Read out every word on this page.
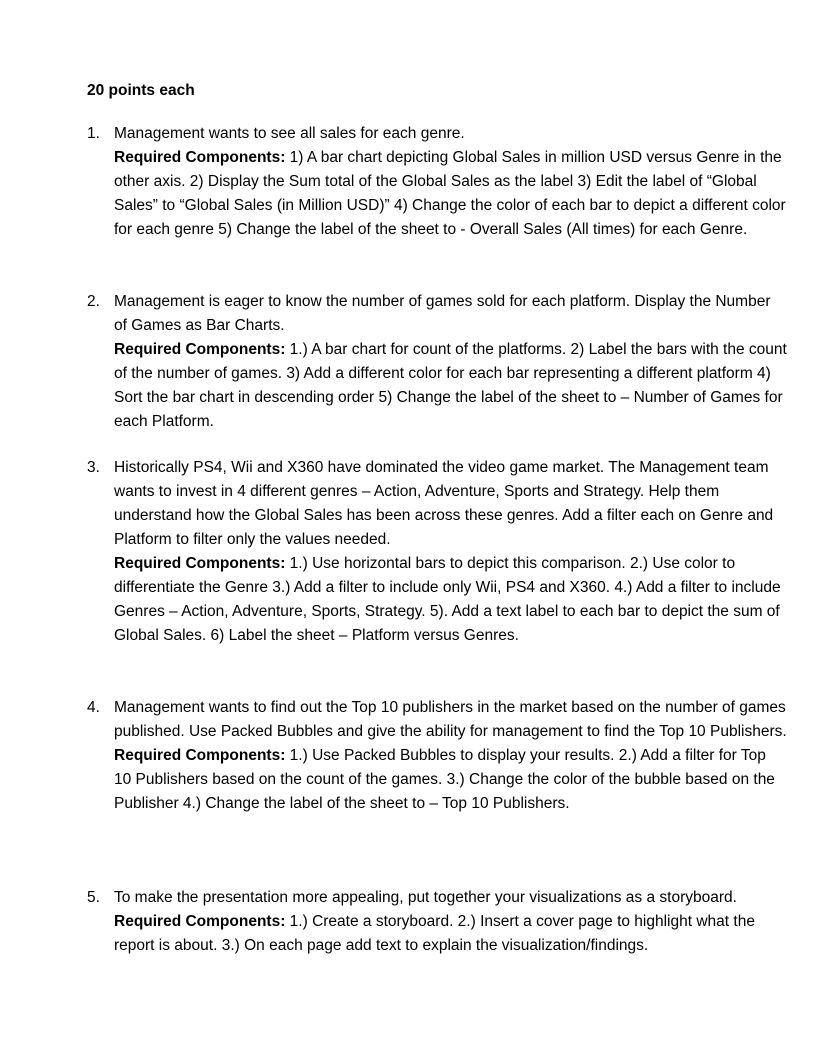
20 points each
1. Management wants to see all sales for each genre.
Required Components: 1) A bar chart depicting Global Sales in million USD versus Genre in the other axis. 2) Display the Sum total of the Global Sales as the label 3) Edit the label of “Global Sales” to “Global Sales (in Million USD)” 4) Change the color of each bar to depict a different color for each genre 5) Change the label of the sheet to - Overall Sales (All times) for each Genre.
2. Management is eager to know the number of games sold for each platform. Display the Number of Games as Bar Charts.
Required Components: 1.) A bar chart for count of the platforms. 2) Label the bars with the count of the number of games. 3) Add a different color for each bar representing a different platform 4) Sort the bar chart in descending order 5) Change the label of the sheet to – Number of Games for each Platform.
3. Historically PS4, Wii and X360 have dominated the video game market. The Management team wants to invest in 4 different genres – Action, Adventure, Sports and Strategy. Help them understand how the Global Sales has been across these genres. Add a filter each on Genre and Platform to filter only the values needed.
Required Components: 1.) Use horizontal bars to depict this comparison. 2.) Use color to differentiate the Genre 3.) Add a filter to include only Wii, PS4 and X360. 4.) Add a filter to include Genres – Action, Adventure, Sports, Strategy. 5). Add a text label to each bar to depict the sum of Global Sales. 6) Label the sheet – Platform versus Genres.
4. Management wants to find out the Top 10 publishers in the market based on the number of games published. Use Packed Bubbles and give the ability for management to find the Top 10 Publishers.
Required Components: 1.) Use Packed Bubbles to display your results. 2.) Add a filter for Top 10 Publishers based on the count of the games. 3.) Change the color of the bubble based on the Publisher 4.) Change the label of the sheet to – Top 10 Publishers.
5. To make the presentation more appealing, put together your visualizations as a storyboard. Required Components: 1.) Create a storyboard. 2.) Insert a cover page to highlight what the report is about. 3.) On each page add text to explain the visualization/findings.
